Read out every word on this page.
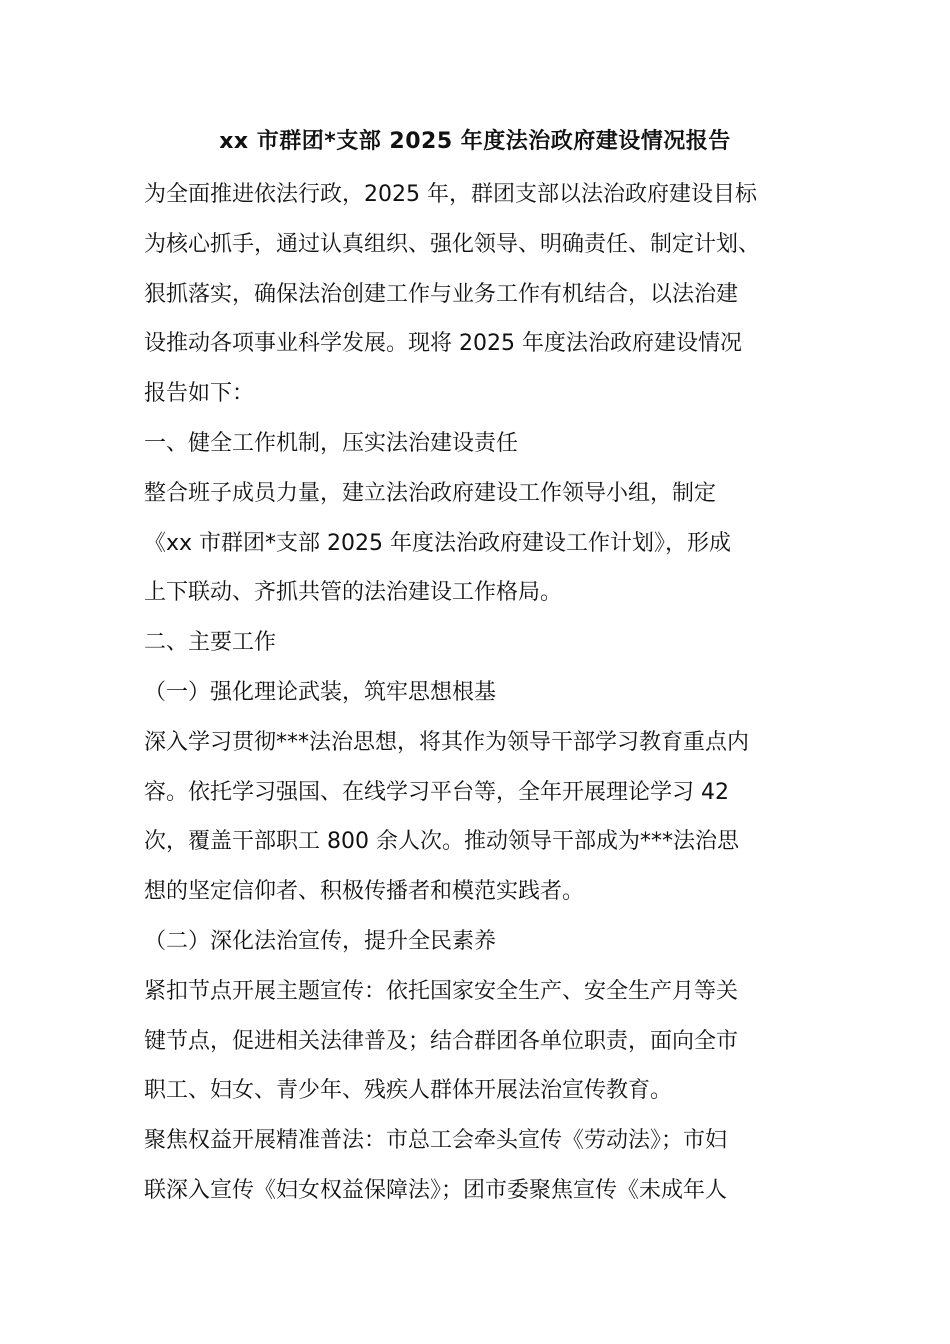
xx 市群团*支部 2025 年度法治政府建设情况报告
为全面推进依法行政，2025 年，群团支部以法治政府建设目标
为核心抓手，通过认真组织、强化领导、明确责任、制定计划、
狠抓落实，确保法治创建工作与业务工作有机结合，以法治建
设推动各项事业科学发展。现将 2025 年度法治政府建设情况
报告如下：
一、健全工作机制，压实法治建设责任
整合班子成员力量，建立法治政府建设工作领导小组，制定
《xx 市群团*支部 2025 年度法治政府建设工作计划》，形成
上下联动、齐抓共管的法治建设工作格局。
二、主要工作
（一）强化理论武装，筑牢思想根基
深入学习贯彻***法治思想，将其作为领导干部学习教育重点内
容。依托学习强国、在线学习平台等，全年开展理论学习 42
次，覆盖干部职工 800 余人次。推动领导干部成为***法治思
想的坚定信仰者、积极传播者和模范实践者。
（二）深化法治宣传，提升全民素养
紧扣节点开展主题宣传：依托国家安全生产、安全生产月等关
键节点，促进相关法律普及；结合群团各单位职责，面向全市
职工、妇女、青少年、残疾人群体开展法治宣传教育。
聚焦权益开展精准普法：市总工会牵头宣传《劳动法》；市妇
联深入宣传《妇女权益保障法》；团市委聚焦宣传《未成年人
